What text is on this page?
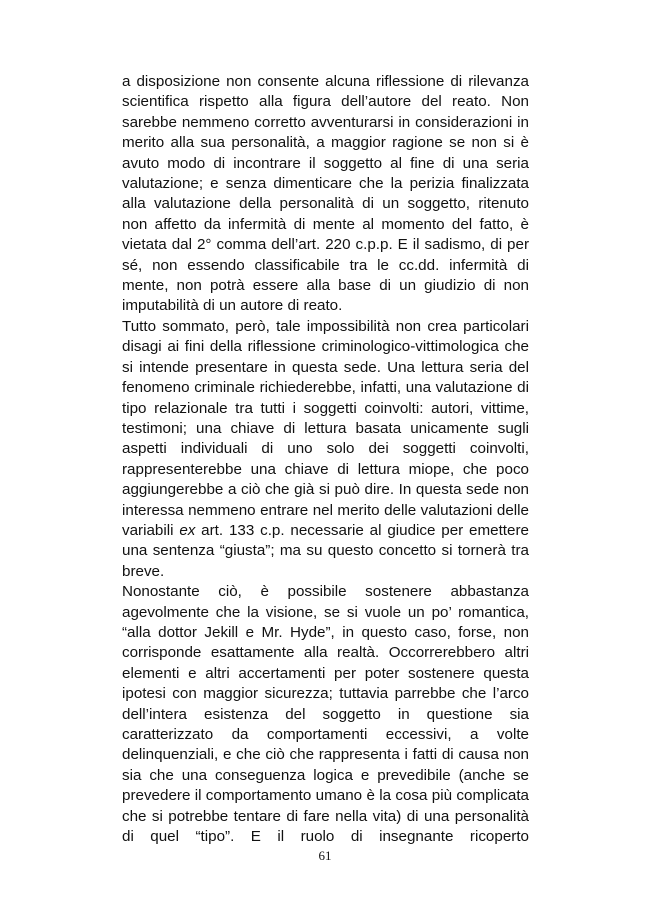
a disposizione non consente alcuna riflessione di rilevanza scientifica rispetto alla figura dell’autore del reato. Non sarebbe nemmeno corretto avventurarsi in considerazioni in merito alla sua personalità, a maggior ragione se non si è avuto modo di incontrare il soggetto al fine di una seria valutazione; e senza dimenticare che la perizia finalizzata alla valutazione della personalità di un soggetto, ritenuto non affetto da infermità di mente al momento del fatto, è vietata dal 2° comma dell’art. 220 c.p.p. E il sadismo, di per sé, non essendo classificabile tra le cc.dd. infermità di mente, non potrà essere alla base di un giudizio di non imputabilità di un autore di reato.

Tutto sommato, però, tale impossibilità non crea particolari disagi ai fini della riflessione criminologico-vittimologica che si intende presentare in questa sede. Una lettura seria del fenomeno criminale richiederebbe, infatti, una valutazione di tipo relazionale tra tutti i soggetti coinvolti: autori, vittime, testimoni; una chiave di lettura basata unicamente sugli aspetti individuali di uno solo dei soggetti coinvolti, rappresenterebbe una chiave di lettura miope, che poco aggiungerebbe a ciò che già si può dire. In questa sede non interessa nemmeno entrare nel merito delle valutazioni delle variabili ex art. 133 c.p. necessarie al giudice per emettere una sentenza “giusta”; ma su questo concetto si tornerà tra breve.

Nonostante ciò, è possibile sostenere abbastanza agevolmente che la visione, se si vuole un po’ romantica, “alla dottor Jekill e Mr. Hyde”, in questo caso, forse, non corrisponde esattamente alla realtà. Occorrerebbero altri elementi e altri accertamenti per poter sostenere questa ipotesi con maggior sicurezza; tuttavia parrebbe che l’arco dell’intera esistenza del soggetto in questione sia caratterizzato da comportamenti eccessivi, a volte delinquenziali, e che ciò che rappresenta i fatti di causa non sia che una conseguenza logica e prevedibile (anche se prevedere il comportamento umano è la cosa più complicata che si potrebbe tentare di fare nella vita) di una personalità di quel “tipo”. E il ruolo di insegnante ricoperto

61
